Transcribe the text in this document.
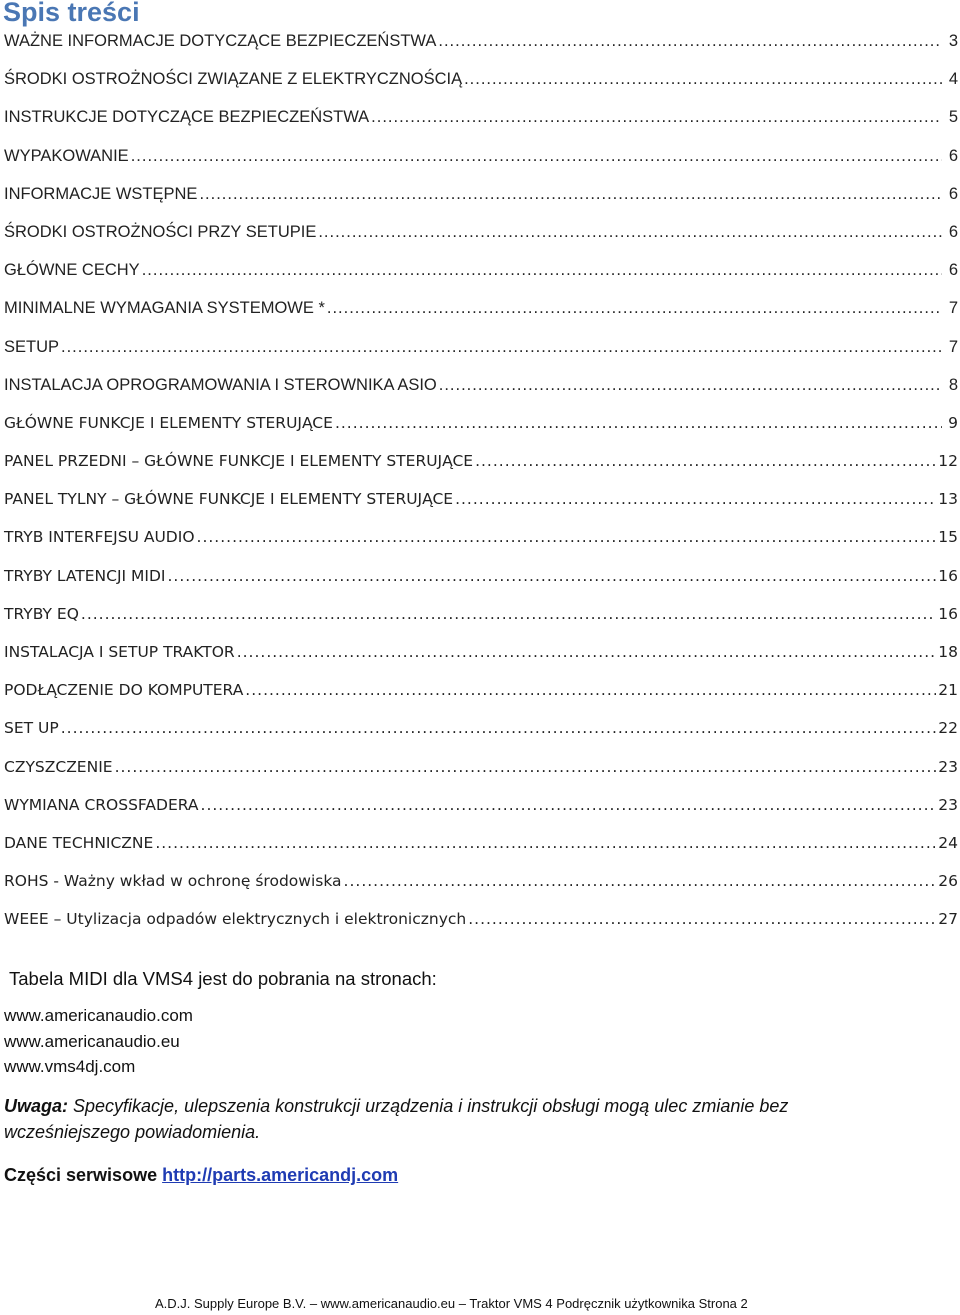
Spis treści
WAŻNE INFORMACJE DOTYCZĄCE BEZPIECZEŃSTWA .....	3
ŚRODKI OSTROŻNOŚCI ZWIĄZANE Z ELEKTRYCZNOŚCIĄ .....	4
INSTRUKCJE DOTYCZĄCE BEZPIECZEŃSTWA .....	5
WYPAKOWANIE .....	6
INFORMACJE WSTĘPNE .....	6
ŚRODKI OSTROŻNOŚCI PRZY SETUPIE .....	6
GŁÓWNE CECHY .....	6
MINIMALNE WYMAGANIA SYSTEMOWE * .....	7
SETUP .....	7
INSTALACJA OPROGRAMOWANIA I STEROWNIKA ASIO .....	8
GŁÓWNE FUNKCJE I ELEMENTY STERUJĄCE .....	9
PANEL PRZEDNI – GŁÓWNE FUNKCJE I ELEMENTY STERUJĄCE .....	12
PANEL TYLNY – GŁÓWNE FUNKCJE I ELEMENTY STERUJĄCE .....	13
TRYB INTERFEJSU AUDIO .....	15
TRYBY LATENCJI MIDI .....	16
TRYBY EQ .....	16
INSTALACJA I SETUP TRAKTOR .....	18
PODŁĄCZENIE DO KOMPUTERA .....	21
SET UP .....	22
CZYSZCZENIE .....	23
WYMIANA CROSSFADERA .....	23
DANE TECHNICZNE .....	24
ROHS - Ważny wkład w ochronę środowiska .....	26
WEEE – Utylizacja odpadów elektrycznych i elektronicznych .....	27
Tabela MIDI dla VMS4 jest do pobrania na stronach:
www.americanaudio.com
www.americanaudio.eu
www.vms4dj.com
Uwaga: Specyfikacje, ulepszenia konstrukcji urządzenia i instrukcji obsługi mogą ulec zmianie bez wcześniejszego powiadomienia.
Części serwisowe http://parts.americandj.com
A.D.J. Supply Europe B.V. – www.americanaudio.eu – Traktor VMS 4 Podręcznik użytkownika Strona 2
